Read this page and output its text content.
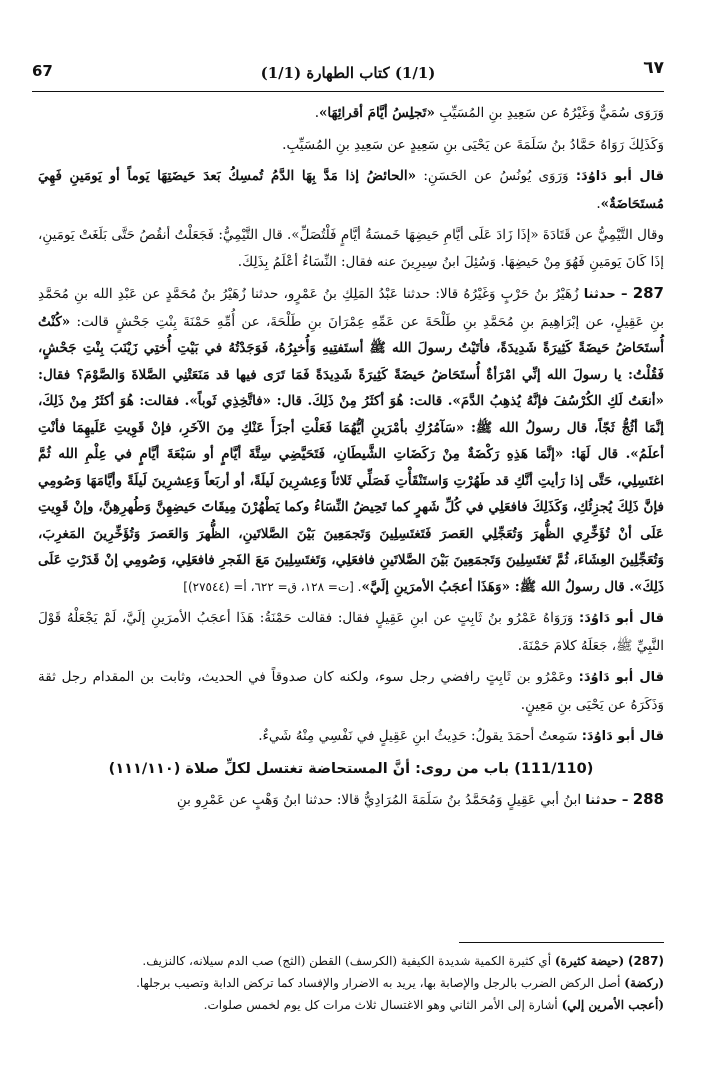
67	(1/1) كتاب الطهارة (1/1)	٦٧

وَرَوَى سُمَيٌّ وَغَيْرُهُ عن سَعِيدِ بنِ المُسَيِّبِ «تَجلِسُ أيَّامَ أقرائِهَا».

وَكَذَلِكَ رَوَاهُ حَمَّادُ بنُ سَلَمَةَ عن يَحْيَى بنِ سَعِيدٍ عن سَعِيدِ بنِ المُسَيِّبِ.

قال أبو دَاوُدَ: وَرَوَى يُونُسُ عن الحَسَنِ: «الحائضُ إذا مَدَّ بِهَا الدَّمُ تُمسِكُ بَعدَ حَيضَتِهَا يَوماً أو يَومَينِ فَهِيَ مُستَحَاضَةٌ».

وقال التَّيْمِيُّ عن قَتَادَةَ «إذَا زَادَ عَلَى أيَّامِ حَيضِهَا خَمسَةُ أيَّامٍ فَلْتُصَلِّ». قال التَّيْمِيُّ: فَجَعَلْتُ أنقُصُ حَتَّى بَلَغَتْ يَومَينِ، إذَا كَانَ يَومَينِ فَهُوَ مِنْ حَيضِهَا. وَسُئِلَ ابنُ سِيرِينَ عنه فقال: النِّسَاءُ أعْلَمُ بِذَلِكَ.

287 – حدثنا زُهَيْرُ بنُ حَرْبٍ وَغَيْرُهُ قالا: حدثنا عَبْدُ المَلِكِ بنُ عَمْرٍو، حدثنا زُهَيْرُ بنُ مُحَمَّدٍ عن عَبْدِ الله بنِ مُحَمَّدِ بنِ عَقِيلٍ، عن إبْرَاهِيمَ بنِ مُحَمَّدِ بنِ طَلْحَةَ عن عَمِّهِ عِمْرَانَ بنِ طَلْحَةَ، عن أُمِّهِ حَمْنَةَ بِنْتِ جَحْشٍ قالت: «كُنْتُ أُستَحَاضُ حَيضَةً كَثِيرَةً شَدِيدَةً، فأتَيْتُ رسولَ الله ﷺ أستَفتِيهِ وَأُخبِرُهُ، فَوَجَدْتُهُ في بَيْتِ أُختِي زَيْنَبَ بِنْتِ جَحْشٍ، فَقُلْتُ: يا رسولَ الله إنِّي امْرَأةٌ أُستَحَاضُ حَيضَةً كَثِيرَةً شَدِيدَةً فَمَا تَرَى فيها قد مَنَعَتْنِي الصَّلاةَ وَالصَّوْمَ؟ فقال: «أنعَتُ لَكِ الكُرْسُفَ فإنَّهُ يُذهِبُ الدَّمَ». قالت: هُوَ أكثَرُ مِنْ ذَلِكَ. قال: «فاتَّخِذِي ثَوباً». فقالت: هُوَ أكثَرُ مِنْ ذَلِكَ، إنَّمَا أثُجُّ ثَجّاً، قال رسولُ الله ﷺ: «سَآمُرُكِ بأمْرَينِ أيُّهُمَا فَعَلْتِ أجزَأَ عَنْكِ مِنَ الآخَرِ، فإنْ قَوِيتِ عَلَيهِمَا فأنْتِ أعلَمُ». قال لَهَا: «إنَّمَا هَذِهِ رَكْضَةٌ مِنْ رَكَضَاتِ الشَّيطَانِ، فَتَحَيَّضِي سِتَّةَ أيَّامٍ أو سَبْعَةَ أيَّامٍ في عِلْمِ الله ثُمَّ اغتَسِلِي، حَتَّى إذا رَأيتِ أنَّكِ قد طَهُرْتِ وَاستَنْقَأْتِ فَصَلِّي ثَلاثاً وَعِشرِينَ لَيلَةً، أو أربَعاً وَعِشرِينَ لَيلَةً وأيَّامَهَا وَصُومِي فإنَّ ذَلِكَ يُجزِئُكِ، وَكَذَلِكَ فافعَلِي في كُلِّ شَهرٍ كما تَحِيضُ النِّسَاءُ وكما يَطْهُرْنَ مِيقَاتَ حَيضِهِنَّ وَطُهرِهِنَّ، وإنْ قَوِيتِ عَلَى أنْ تُؤَخِّرِي الظُّهرَ وَتُعَجِّلِي العَصرَ فَتَغتَسِلِينَ وَتَجمَعِينَ بَيْنَ الصَّلاتَينِ، الظُّهرَ وَالعَصرَ وَتُؤَخِّرِينَ المَغرِبَ، وَتُعَجِّلِينَ العِشَاءَ، ثُمَّ تَغتَسِلِينَ وَتَجمَعِينَ بَيْنَ الصَّلاتَينِ فافعَلِي، وَتَغتَسِلِينَ مَعَ الفَجرِ فافعَلِي، وَصُومِي إنْ قَدَرْتِ عَلَى ذَلِكَ». قال رسولُ الله ﷺ: «وَهَذَا أعجَبُ الأمرَينِ إلَيَّ». [ت= ١٢٨، ق= ٦٢٢، أ= (٢٧٥٤٤)]

قال أبو دَاوُدَ: وَرَوَاهُ عَمْرُو بنُ ثَابِتٍ عن ابنِ عَقِيلٍ فقال: فقالت حَمْنَةُ: هَذَا أعجَبُ الأمرَينِ إلَيَّ، لَمْ يَجْعَلْهُ قَوْلَ النَّبِيِّ ﷺ، جَعَلَهُ كلامَ حَمْنَةَ.

قال أبو دَاوُدَ: وعَمْرُو بن ثَابِتٍ رافضي رجل سوء، ولكنه كان صدوقاً في الحديث، وثابت بن المقدام رجل ثقة وَذَكَرَهُ عن يَحْيَى بنِ مَعِينٍ.

قال أبو دَاوُدَ: سَمِعتُ أحمَدَ يقولُ: حَدِيثُ ابنِ عَقِيلٍ في نَفْسِي مِنْهُ شَيءٌ.

(111/110) باب من روى: أنَّ المستحاضة تغتسل لكلِّ صلاة (١١١/١١٠)

288 – حدثنا ابنُ أبي عَقِيلٍ وَمُحَمَّدُ بنُ سَلَمَةَ المُرَادِيُّ قالا: حدثنا ابنُ وَهْبٍ عن عَمْرِو بنِ

(287) (حيضة كثيرة) أي كثيرة الكمية شديدة الكيفية (الكرسف) القطن (الثج) صب الدم سيلانه، كالنزيف.
(ركضة) أصل الركض الضرب بالرجل والإصابة بها، يريد به الاضرار والإفساد كما تركض الدابة وتصيب برجلها.
(أعجب الأمرين إلي) أشارة إلى الأمر الثاني وهو الاغتسال ثلاث مرات كل يوم لخمس صلوات.
